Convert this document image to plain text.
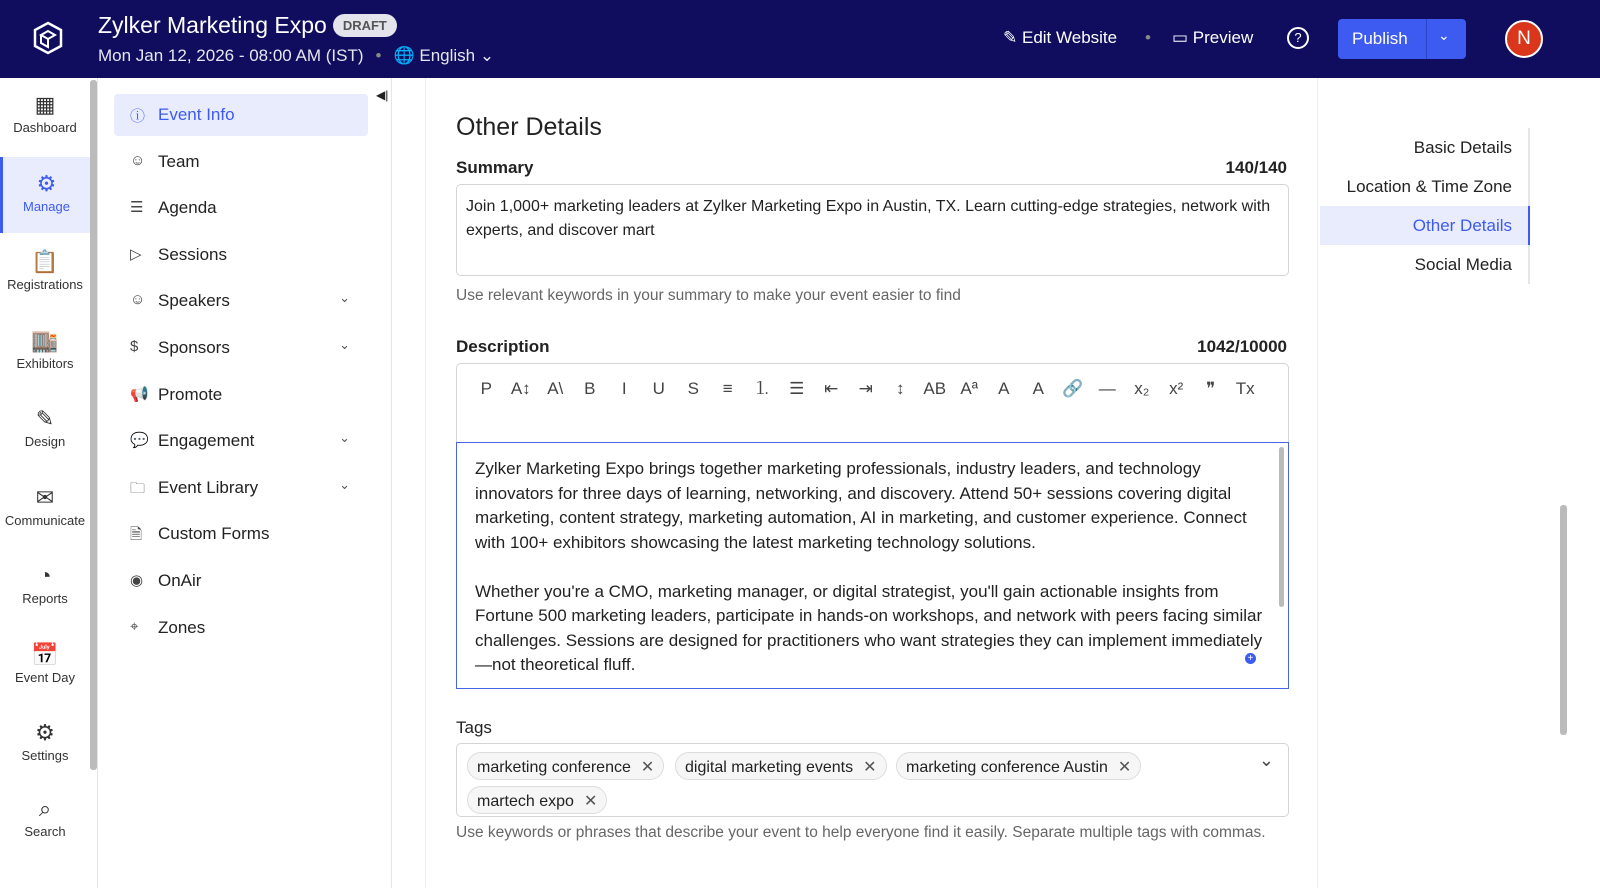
Zylker Marketing Expo DRAFT
Mon Jan 12, 2026 - 08:00 AM (IST) • 🌐 English ⌄
✎ Edit Website • ▭ Preview	?	Publish ⌄	N
▦
Dashboard
⚙
Manage
📋
Registrations
🏬
Exhibitors
✎
Design
✉
Communicate
◔
Reports
📅
Event Day
⚙
Settings
⌕
Search
ⓘ Event Info
☺ Team
☰ Agenda
▷ Sessions
☺ Speakers	⌄
$ Sponsors	⌄
📢 Promote
💬 Engagement	⌄
🗀 Event Library	⌄
🗎 Custom Forms
◉ OnAir
⌖ Zones
◀|
Other Details
Summary	140/140
Join 1,000+ marketing leaders at Zylker Marketing Expo in Austin, TX. Learn cutting-edge strategies, network with experts, and discover mart
Use relevant keywords in your summary to make your event easier to find
Description	1042/10000
P A↕ A\ B I U S ≡ ⒈ ☰ ⇤ ⇥ ↕ AB Aª A A 🔗 — x₂ x² ❞ Tx

Zylker Marketing Expo brings together marketing professionals, industry leaders, and technology innovators for three days of learning, networking, and discovery. Attend 50+ sessions covering digital marketing, content strategy, marketing automation, AI in marketing, and customer experience. Connect with 100+ exhibitors showcasing the latest marketing technology solutions.

Whether you're a CMO, marketing manager, or digital strategist, you'll gain actionable insights from Fortune 500 marketing leaders, participate in hands-on workshops, and network with peers facing similar challenges. Sessions are designed for practitioners who want strategies they can implement immediately—not theoretical fluff.	+
Tags
⌄
marketing conference ✕	digital marketing events ✕	marketing conference Austin ✕
martech expo ✕
Use keywords or phrases that describe your event to help everyone find it easily. Separate multiple tags with commas.
Basic Details
Location & Time Zone
Other Details
Social Media
